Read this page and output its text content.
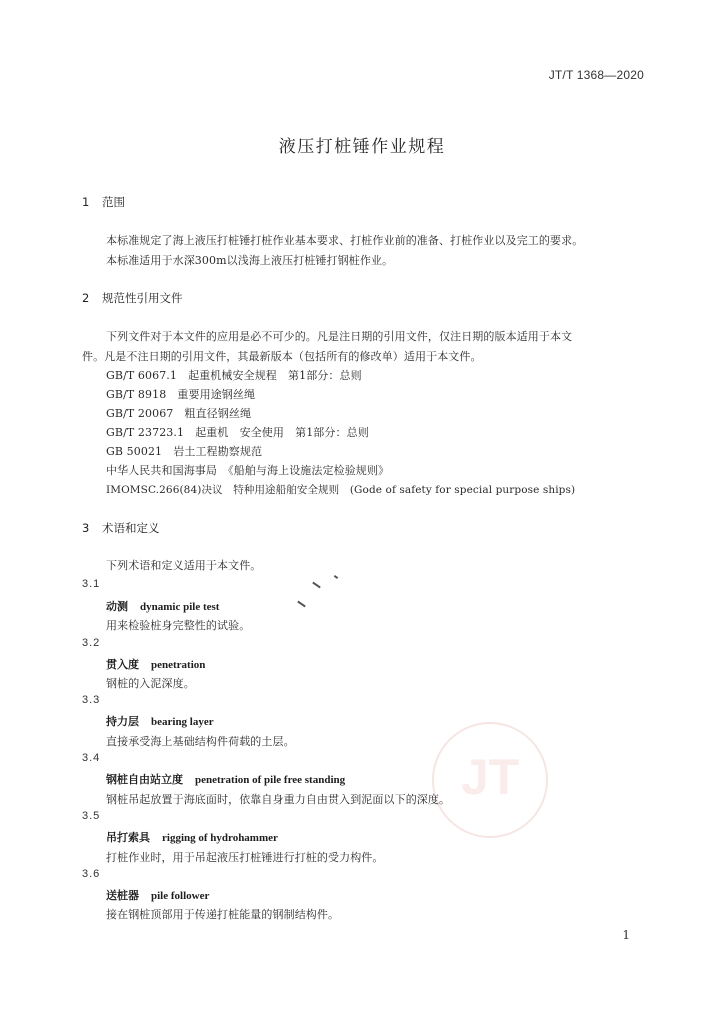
JT/T 1368—2020
液压打桩锤作业规程
1 范围
本标准规定了海上液压打桩锤打桩作业基本要求、打桩作业前的准备、打桩作业以及完工的要求。
本标准适用于水深300m以浅海上液压打桩锤打钢桩作业。
2 规范性引用文件
下列文件对于本文件的应用是必不可少的。凡是注日期的引用文件，仅注日期的版本适用于本文
件。凡是不注日期的引用文件，其最新版本（包括所有的修改单）适用于本文件。
GB/T 6067.1　起重机械安全规程　第1部分：总则
GB/T 8918　重要用途钢丝绳
GB/T 20067　粗直径钢丝绳
GB/T 23723.1　起重机　安全使用　第1部分：总则
GB 50021　岩土工程勘察规范
中华人民共和国海事局　《船舶与海上设施法定检验规则》
IMOMSC.266(84)决议　特种用途船舶安全规则　(Gode of safety for special purpose ships)
3 术语和定义
下列术语和定义适用于本文件。
JT
3.1
动测 dynamic pile test
用来检验桩身完整性的试验。
3.2
贯入度 penetration
钢桩的入泥深度。
3.3
持力层 bearing layer
直接承受海上基础结构件荷载的土层。
3.4
钢桩自由站立度 penetration of pile free standing
钢桩吊起放置于海底面时，依靠自身重力自由贯入到泥面以下的深度。
3.5
吊打索具 rigging of hydrohammer
打桩作业时，用于吊起液压打桩锤进行打桩的受力构件。
3.6
送桩器 pile follower
接在钢桩顶部用于传递打桩能量的钢制结构件。
1
